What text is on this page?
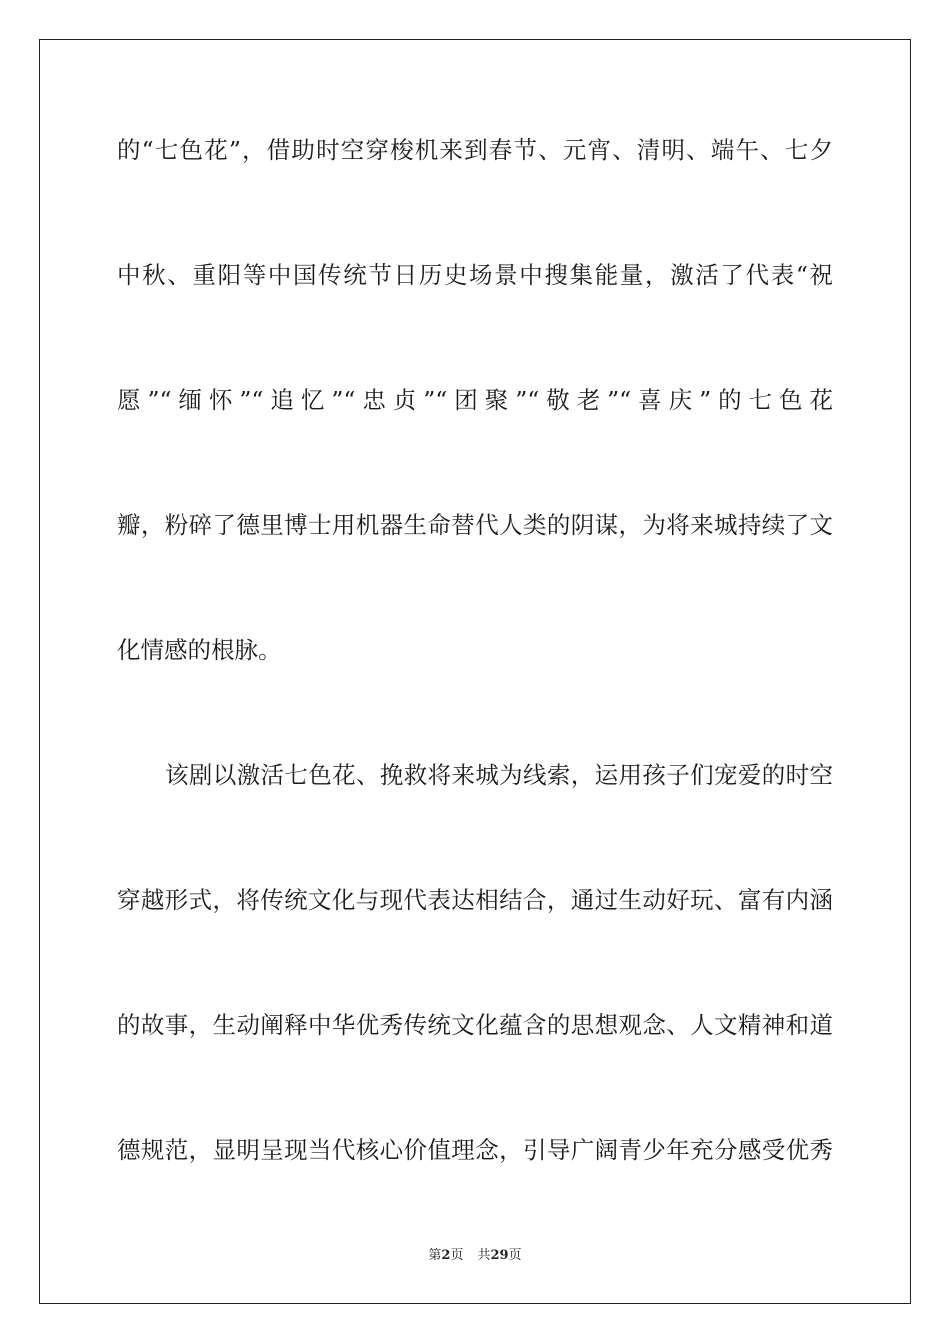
的“七色花”，借助时空穿梭机来到春节、元宵、清明、端午、七夕
中秋、重阳等中国传统节日历史场景中搜集能量，激活了代表“祝
愿”“缅怀”“追忆”“忠贞”“团聚”“敬老”“喜庆”的七色花
瓣，粉碎了德里博士用机器生命替代人类的阴谋，为将来城持续了文
化情感的根脉。
该剧以激活七色花、挽救将来城为线索，运用孩子们宠爱的时空
穿越形式，将传统文化与现代表达相结合，通过生动好玩、富有内涵
的故事，生动阐释中华优秀传统文化蕴含的思想观念、人文精神和道
德规范，显明呈现当代核心价值理念，引导广阔青少年充分感受优秀
第2页 共29页
